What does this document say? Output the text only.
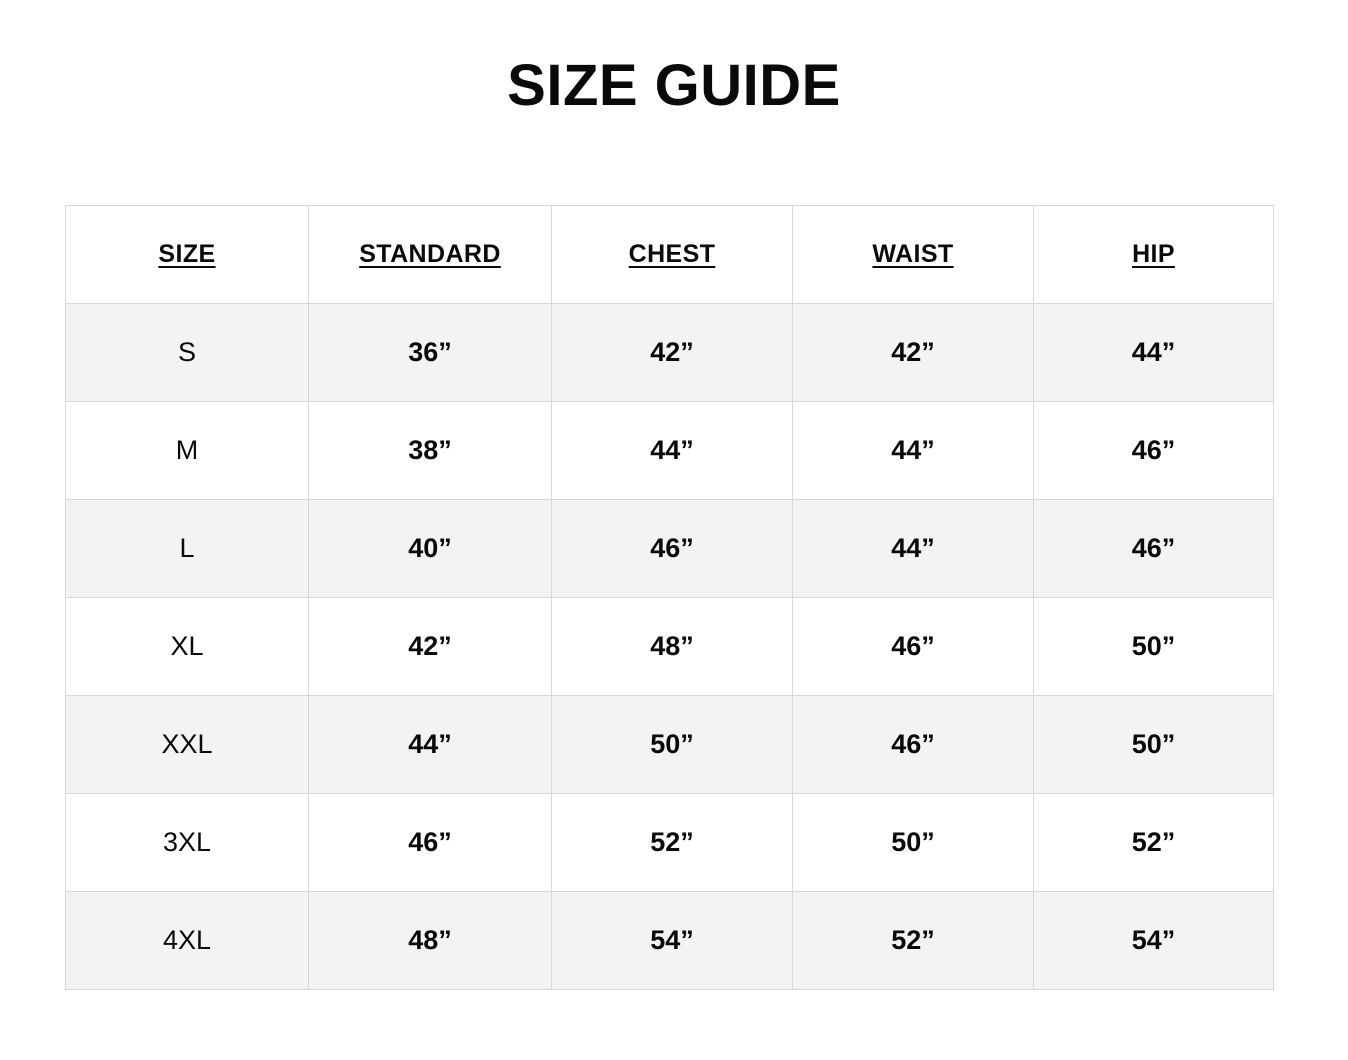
SIZE GUIDE
SIZE	STANDARD	CHEST	WAIST	HIP
S	36”	42”	42”	44”
M	38”	44”	44”	46”
L	40”	46”	44”	46”
XL	42”	48”	46”	50”
XXL	44”	50”	46”	50”
3XL	46”	52”	50”	52”
4XL	48”	54”	52”	54”
